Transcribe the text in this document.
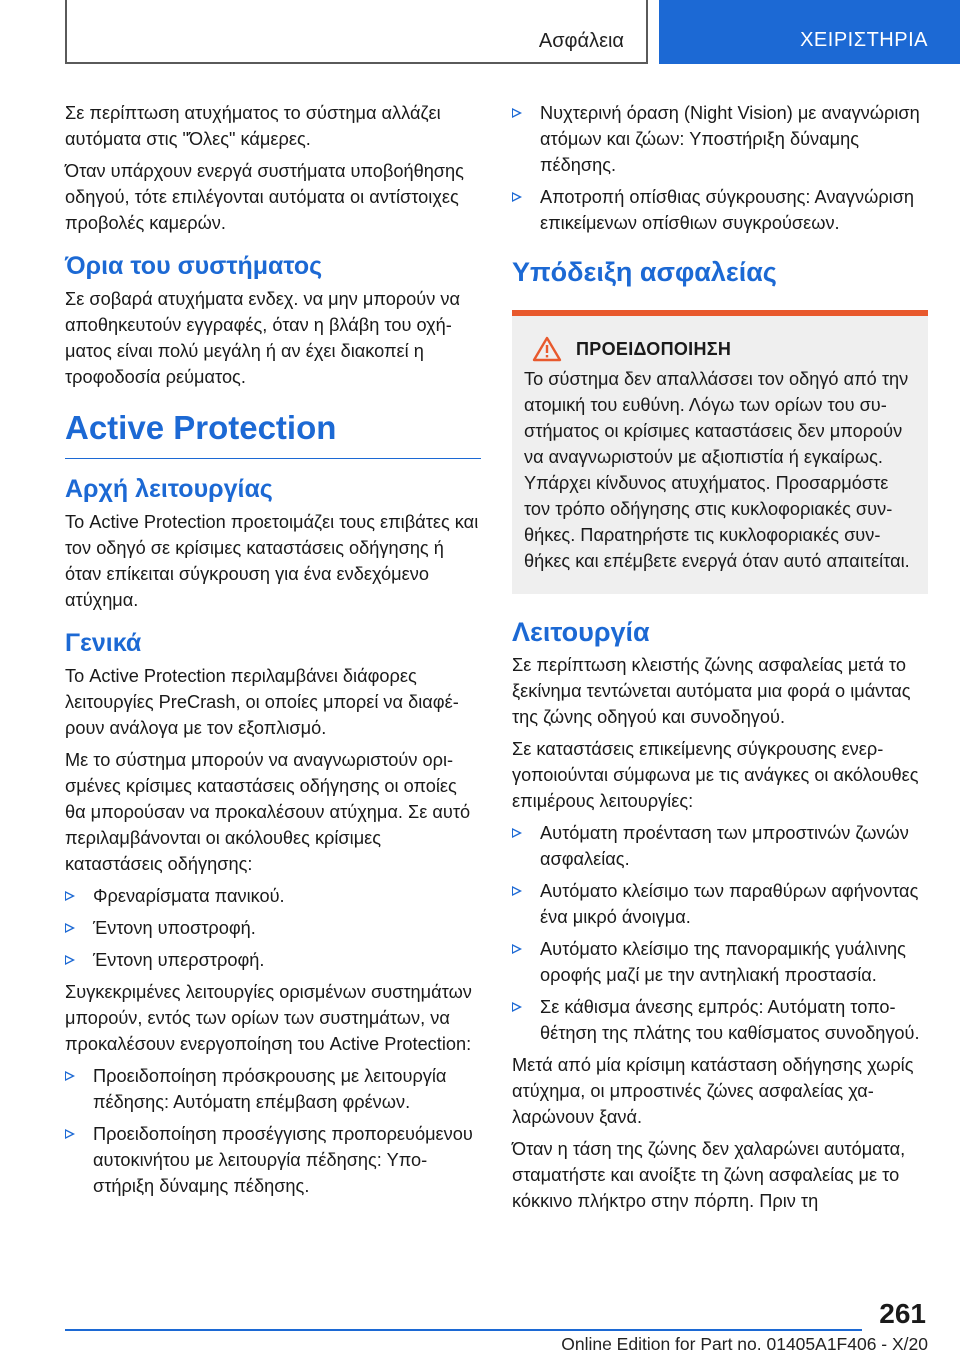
Ασφάλεια	ΧΕΙΡΙΣΤΗΡΙΑ

Σε περίπτωση ατυχήματος το σύστημα αλλάζει αυτόματα στις "Όλες" κάμερες.

Όταν υπάρχουν ενεργά συστήματα υποβοήθησης οδηγού, τότε επιλέγονται αυτόματα οι αντίστοιχες προβολές καμερών.

Όρια του συστήματος

Σε σοβαρά ατυχήματα ενδεχ. να μην μπορούν να αποθηκευτούν εγγραφές, όταν η βλάβη του οχήματος είναι πολύ μεγάλη ή αν έχει διακοπεί η τροφοδοσία ρεύματος.

Active Protection
Αρχή λειτουργίας

Το Active Protection προετοιμάζει τους επιβάτες και τον οδηγό σε κρίσιμες καταστάσεις οδήγησης ή όταν επίκειται σύγκρουση για ένα ενδεχόμενο ατύχημα.

Γενικά

Το Active Protection περιλαμβάνει διάφορες λειτουργίες PreCrash, οι οποίες μπορεί να διαφέρουν ανάλογα με τον εξοπλισμό.

Με το σύστημα μπορούν να αναγνωριστούν ορισμένες κρίσιμες καταστάσεις οδήγησης οι οποίες θα μπορούσαν να προκαλέσουν ατύχημα. Σε αυτό περιλαμβάνονται οι ακόλουθες κρίσιμες καταστάσεις οδήγησης:

Φρεναρίσματα πανικού.
Έντονη υποστροφή.
Έντονη υπερστροφή.

Συγκεκριμένες λειτουργίες ορισμένων συστημάτων μπορούν, εντός των ορίων των συστημάτων, να προκαλέσουν ενεργοποίηση του Active Protection:

Προειδοποίηση πρόσκρουσης με λειτουργία πέδησης: Αυτόματη επέμβαση φρένων.
Προειδοποίηση προσέγγισης προπορευόμενου αυτοκινήτου με λειτουργία πέδησης: Υποστήριξη δύναμης πέδησης.
Νυχτερινή όραση (Night Vision) με αναγνώριση ατόμων και ζώων: Υποστήριξη δύναμης πέδησης.
Αποτροπή οπίσθιας σύγκρουσης: Αναγνώριση επικείμενων οπίσθιων συγκρούσεων.
Υπόδειξη ασφαλείας
ΠΡΟΕΙΔΟΠΟΙΗΣΗ

Το σύστημα δεν απαλλάσσει τον οδηγό από την ατομική του ευθύνη. Λόγω των ορίων του συστήματος οι κρίσιμες καταστάσεις δεν μπορούν να αναγνωριστούν με αξιοπιστία ή εγκαίρως. Υπάρχει κίνδυνος ατυχήματος. Προσαρμόστε τον τρόπο οδήγησης στις κυκλοφοριακές συνθήκες. Παρατηρήστε τις κυκλοφοριακές συνθήκες και επέμβετε ενεργά όταν αυτό απαιτείται.

Λειτουργία

Σε περίπτωση κλειστής ζώνης ασφαλείας μετά το ξεκίνημα τεντώνεται αυτόματα μια φορά ο ιμάντας της ζώνης οδηγού και συνοδηγού.

Σε καταστάσεις επικείμενης σύγκρουσης ενεργοποιούνται σύμφωνα με τις ανάγκες οι ακόλουθες επιμέρους λειτουργίες:

Αυτόματη προένταση των μπροστινών ζωνών ασφαλείας.
Αυτόματο κλείσιμο των παραθύρων αφήνοντας ένα μικρό άνοιγμα.
Αυτόματο κλείσιμο της πανοραμικής γυάλινης οροφής μαζί με την αντηλιακή προστασία.
Σε κάθισμα άνεσης εμπρός: Αυτόματη τοποθέτηση της πλάτης του καθίσματος συνοδηγού.

Μετά από μία κρίσιμη κατάσταση οδήγησης χωρίς ατύχημα, οι μπροστινές ζώνες ασφαλείας χαλαρώνουν ξανά.

Όταν η τάση της ζώνης δεν χαλαρώνει αυτόματα, σταματήστε και ανοίξτε τη ζώνη ασφαλείας με το κόκκινο πλήκτρο στην πόρπη. Πριν τη

261
Online Edition for Part no. 01405A1F406 - X/20
